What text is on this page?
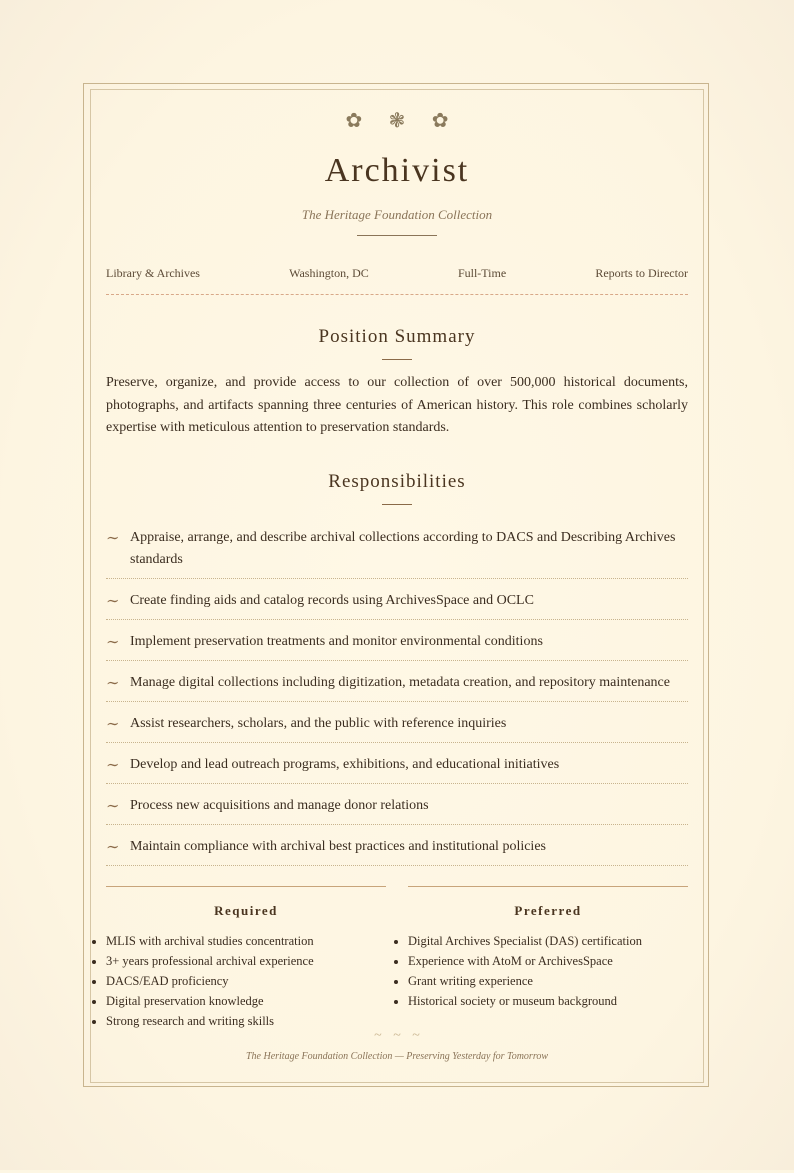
✿ ❃ ✿
Archivist
The Heritage Foundation Collection
Library & Archives	Washington, DC	Full-Time	Reports to Director
Position Summary

Preserve, organize, and provide access to our collection of over 500,000 historical documents, photographs, and artifacts spanning three centuries of American history. This role combines scholarly expertise with meticulous attention to preservation standards.

Responsibilities
∼ Appraise, arrange, and describe archival collections according to DACS and Describing Archives standards
∼ Create finding aids and catalog records using ArchivesSpace and OCLC
∼ Implement preservation treatments and monitor environmental conditions
∼ Manage digital collections including digitization, metadata creation, and repository maintenance
∼ Assist researchers, scholars, and the public with reference inquiries
∼ Develop and lead outreach programs, exhibitions, and educational initiatives
∼ Process new acquisitions and manage donor relations
∼ Maintain compliance with archival best practices and institutional policies
Required
• MLIS with archival studies concentration
• 3+ years professional archival experience
• DACS/EAD proficiency
• Digital preservation knowledge
• Strong research and writing skills
Preferred
• Digital Archives Specialist (DAS) certification
• Experience with AtoM or ArchivesSpace
• Grant writing experience
• Historical society or museum background
~ ~ ~
The Heritage Foundation Collection — Preserving Yesterday for Tomorrow
